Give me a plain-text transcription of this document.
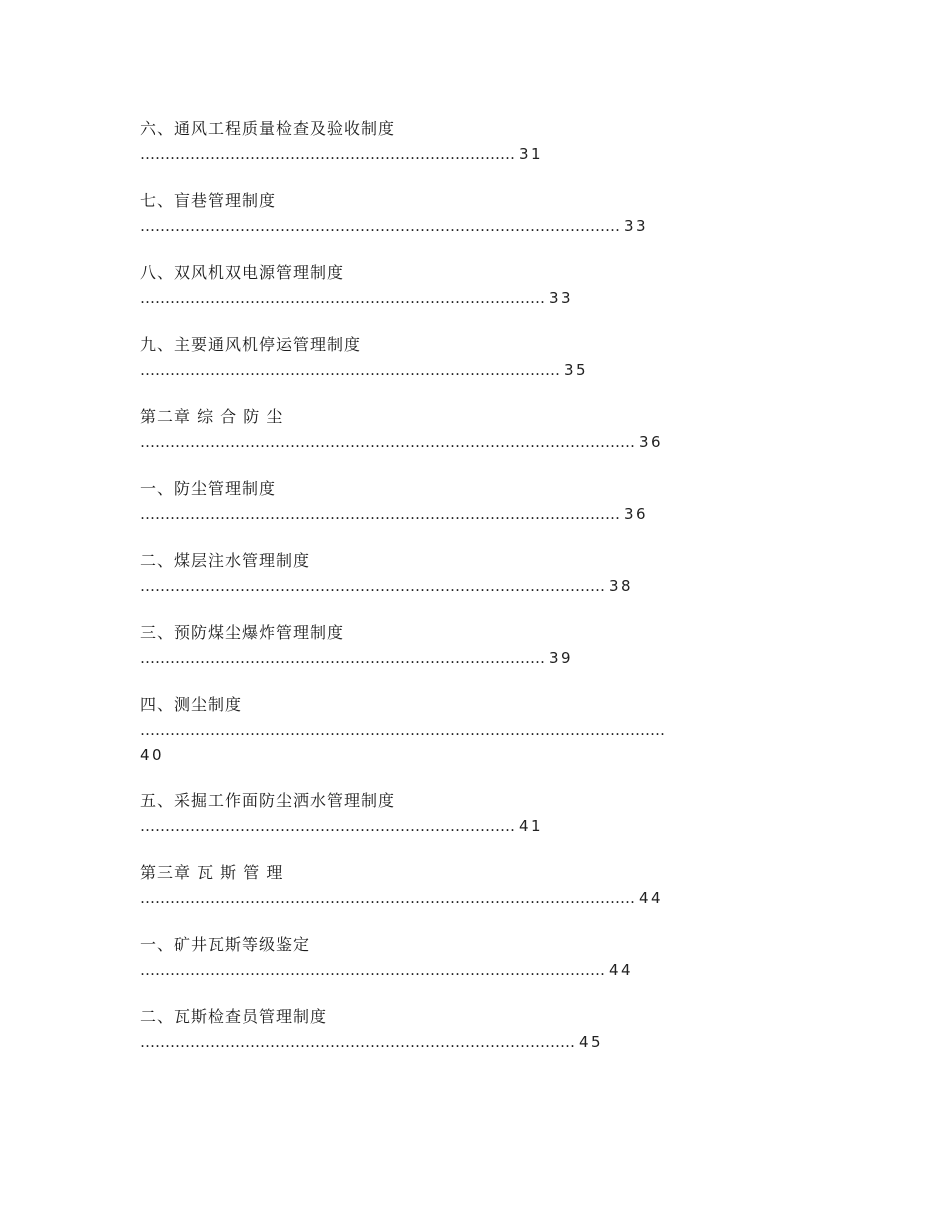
六、通风工程质量检查及验收制度
………………………………………………………………… 31
七、盲巷管理制度
…………………………………………………………………………………… 33
八、双风机双电源管理制度
……………………………………………………………………… 33
九、主要通风机停运管理制度
………………………………………………………………………… 35
第二章 综 合 防 尘
……………………………………………………………………………………… 36
一、防尘管理制度
…………………………………………………………………………………… 36
二、煤层注水管理制度
………………………………………………………………………………… 38
三、预防煤尘爆炸管理制度
……………………………………………………………………… 39
四、测尘制度
……………………………………………………………………………………………
40
五、采掘工作面防尘洒水管理制度
………………………………………………………………… 41
第三章 瓦 斯 管 理
……………………………………………………………………………………… 44
一、矿井瓦斯等级鉴定
………………………………………………………………………………… 44
二、瓦斯检查员管理制度
…………………………………………………………………………… 45
